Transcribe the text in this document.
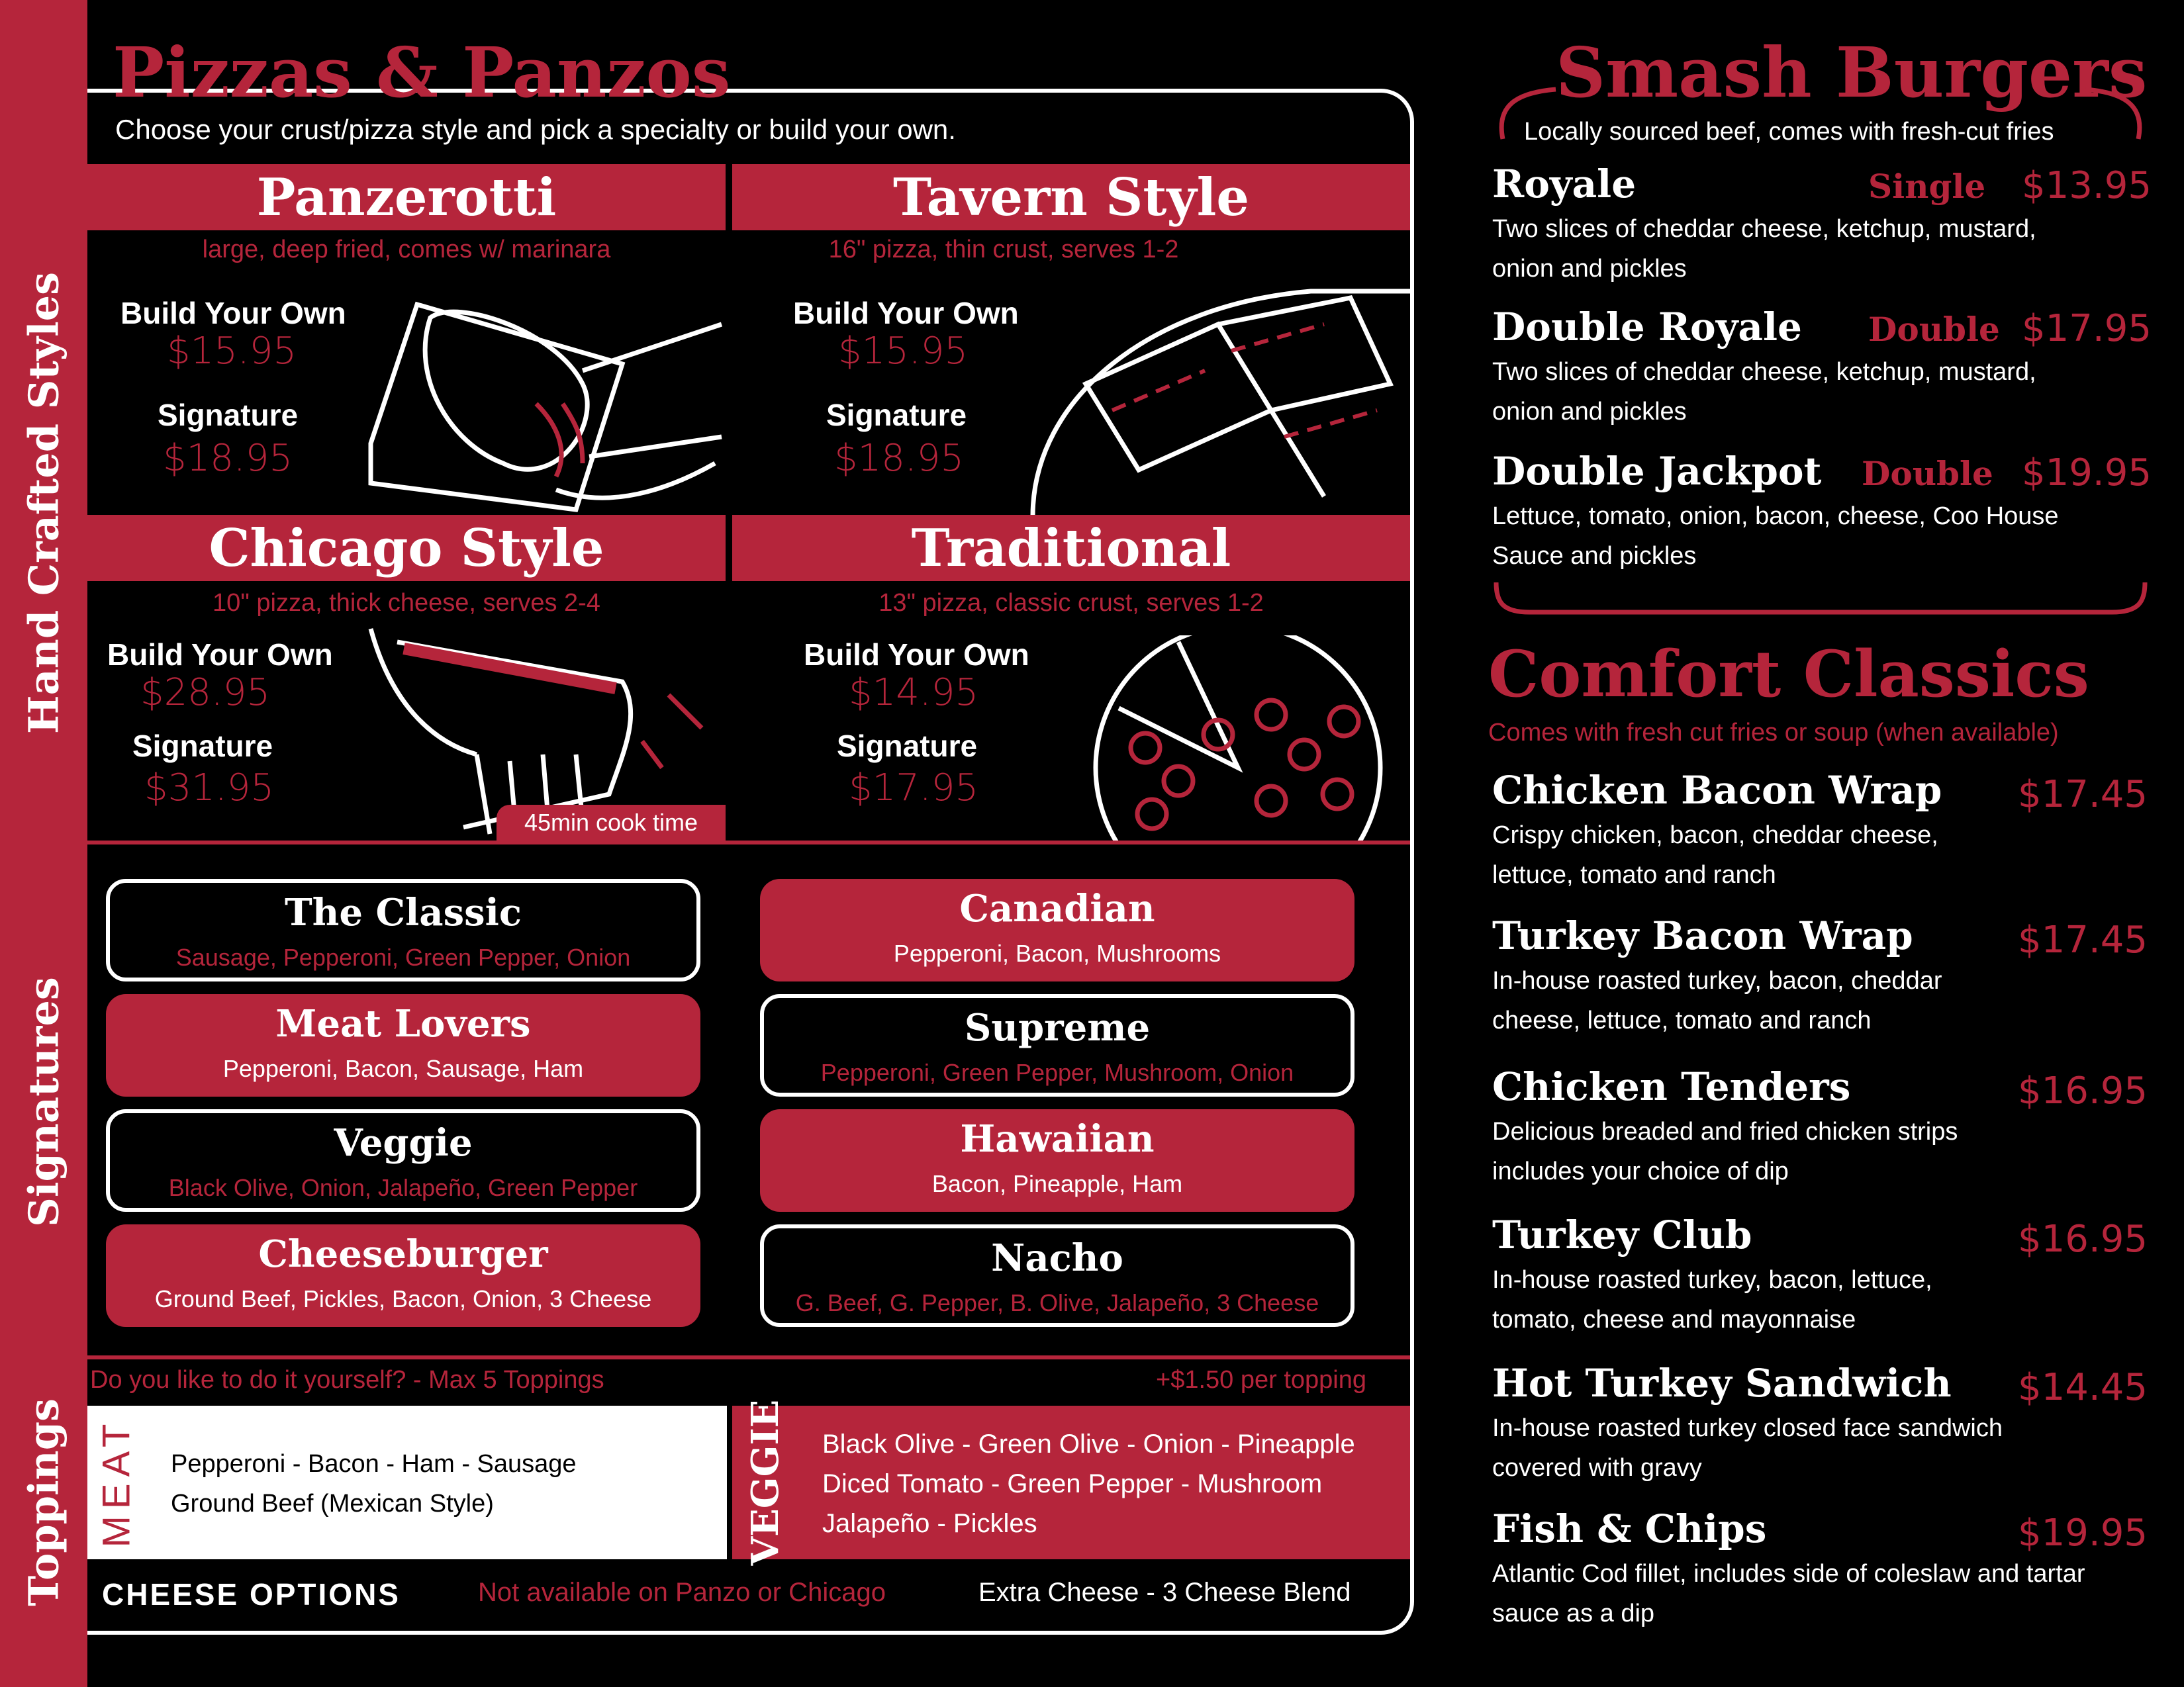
Hand Crafted Styles
Signatures
Toppings
Pizzas & Panzos
Choose your crust/pizza style and pick a specialty or build your own.
Panzerotti
large, deep fried, comes w/ marinara
Build Your Own
$15.95
Signature
$18.95
Tavern Style
16" pizza, thin crust, serves 1-2
Build Your Own
$15.95
Signature
$18.95
Chicago Style
10" pizza, thick cheese, serves 2-4
Build Your Own
$28.95
Signature
$31.95
45min cook time
Traditional
13" pizza, classic crust, serves 1-2
Build Your Own
$14.95
Signature
$17.95
The Classic
Sausage, Pepperoni, Green Pepper, Onion
Canadian
Pepperoni, Bacon, Mushrooms
Meat Lovers
Pepperoni, Bacon, Sausage, Ham
Supreme
Pepperoni, Green Pepper, Mushroom, Onion
Veggie
Black Olive, Onion, Jalapeño, Green Pepper
Hawaiian
Bacon, Pineapple, Ham
Cheeseburger
Ground Beef, Pickles, Bacon, Onion, 3 Cheese
Nacho
G. Beef, G. Pepper, B. Olive, Jalapeño, 3 Cheese
Do you like to do it yourself? - Max 5 Toppings	+$1.50 per topping
MEAT Pepperoni - Bacon - Ham - Sausage
Ground Beef (Mexican Style)	VEGGIE Black Olive - Green Olive - Onion - Pineapple
Diced Tomato - Green Pepper - Mushroom
Jalapeño - Pickles
CHEESE OPTIONS	Not available on Panzo or Chicago	Extra Cheese - 3 Cheese Blend
Smash Burgers
Locally sourced beef, comes with fresh-cut fries
Royale	Single $13.95
Two slices of cheddar cheese, ketchup, mustard,
onion and pickles
Double Royale Double $17.95
Two slices of cheddar cheese, ketchup, mustard,
onion and pickles
Double Jackpot Double $19.95
Lettuce, tomato, onion, bacon, cheese, Coo House
Sauce and pickles
Comfort Classics
Comes with fresh cut fries or soup (when available)
Chicken Bacon Wrap $17.45
Crispy chicken, bacon, cheddar cheese,
lettuce, tomato and ranch
Turkey Bacon Wrap	$17.45
In-house roasted turkey, bacon, cheddar
cheese, lettuce, tomato and ranch
Chicken Tenders	$16.95
Delicious breaded and fried chicken strips
includes your choice of dip
Turkey Club	$16.95
In-house roasted turkey, bacon, lettuce,
tomato, cheese and mayonnaise
Hot Turkey Sandwich $14.45
In-house roasted turkey closed face sandwich
covered with gravy
Fish & Chips	$19.95
Atlantic Cod fillet, includes side of coleslaw and tartar
sauce as a dip
